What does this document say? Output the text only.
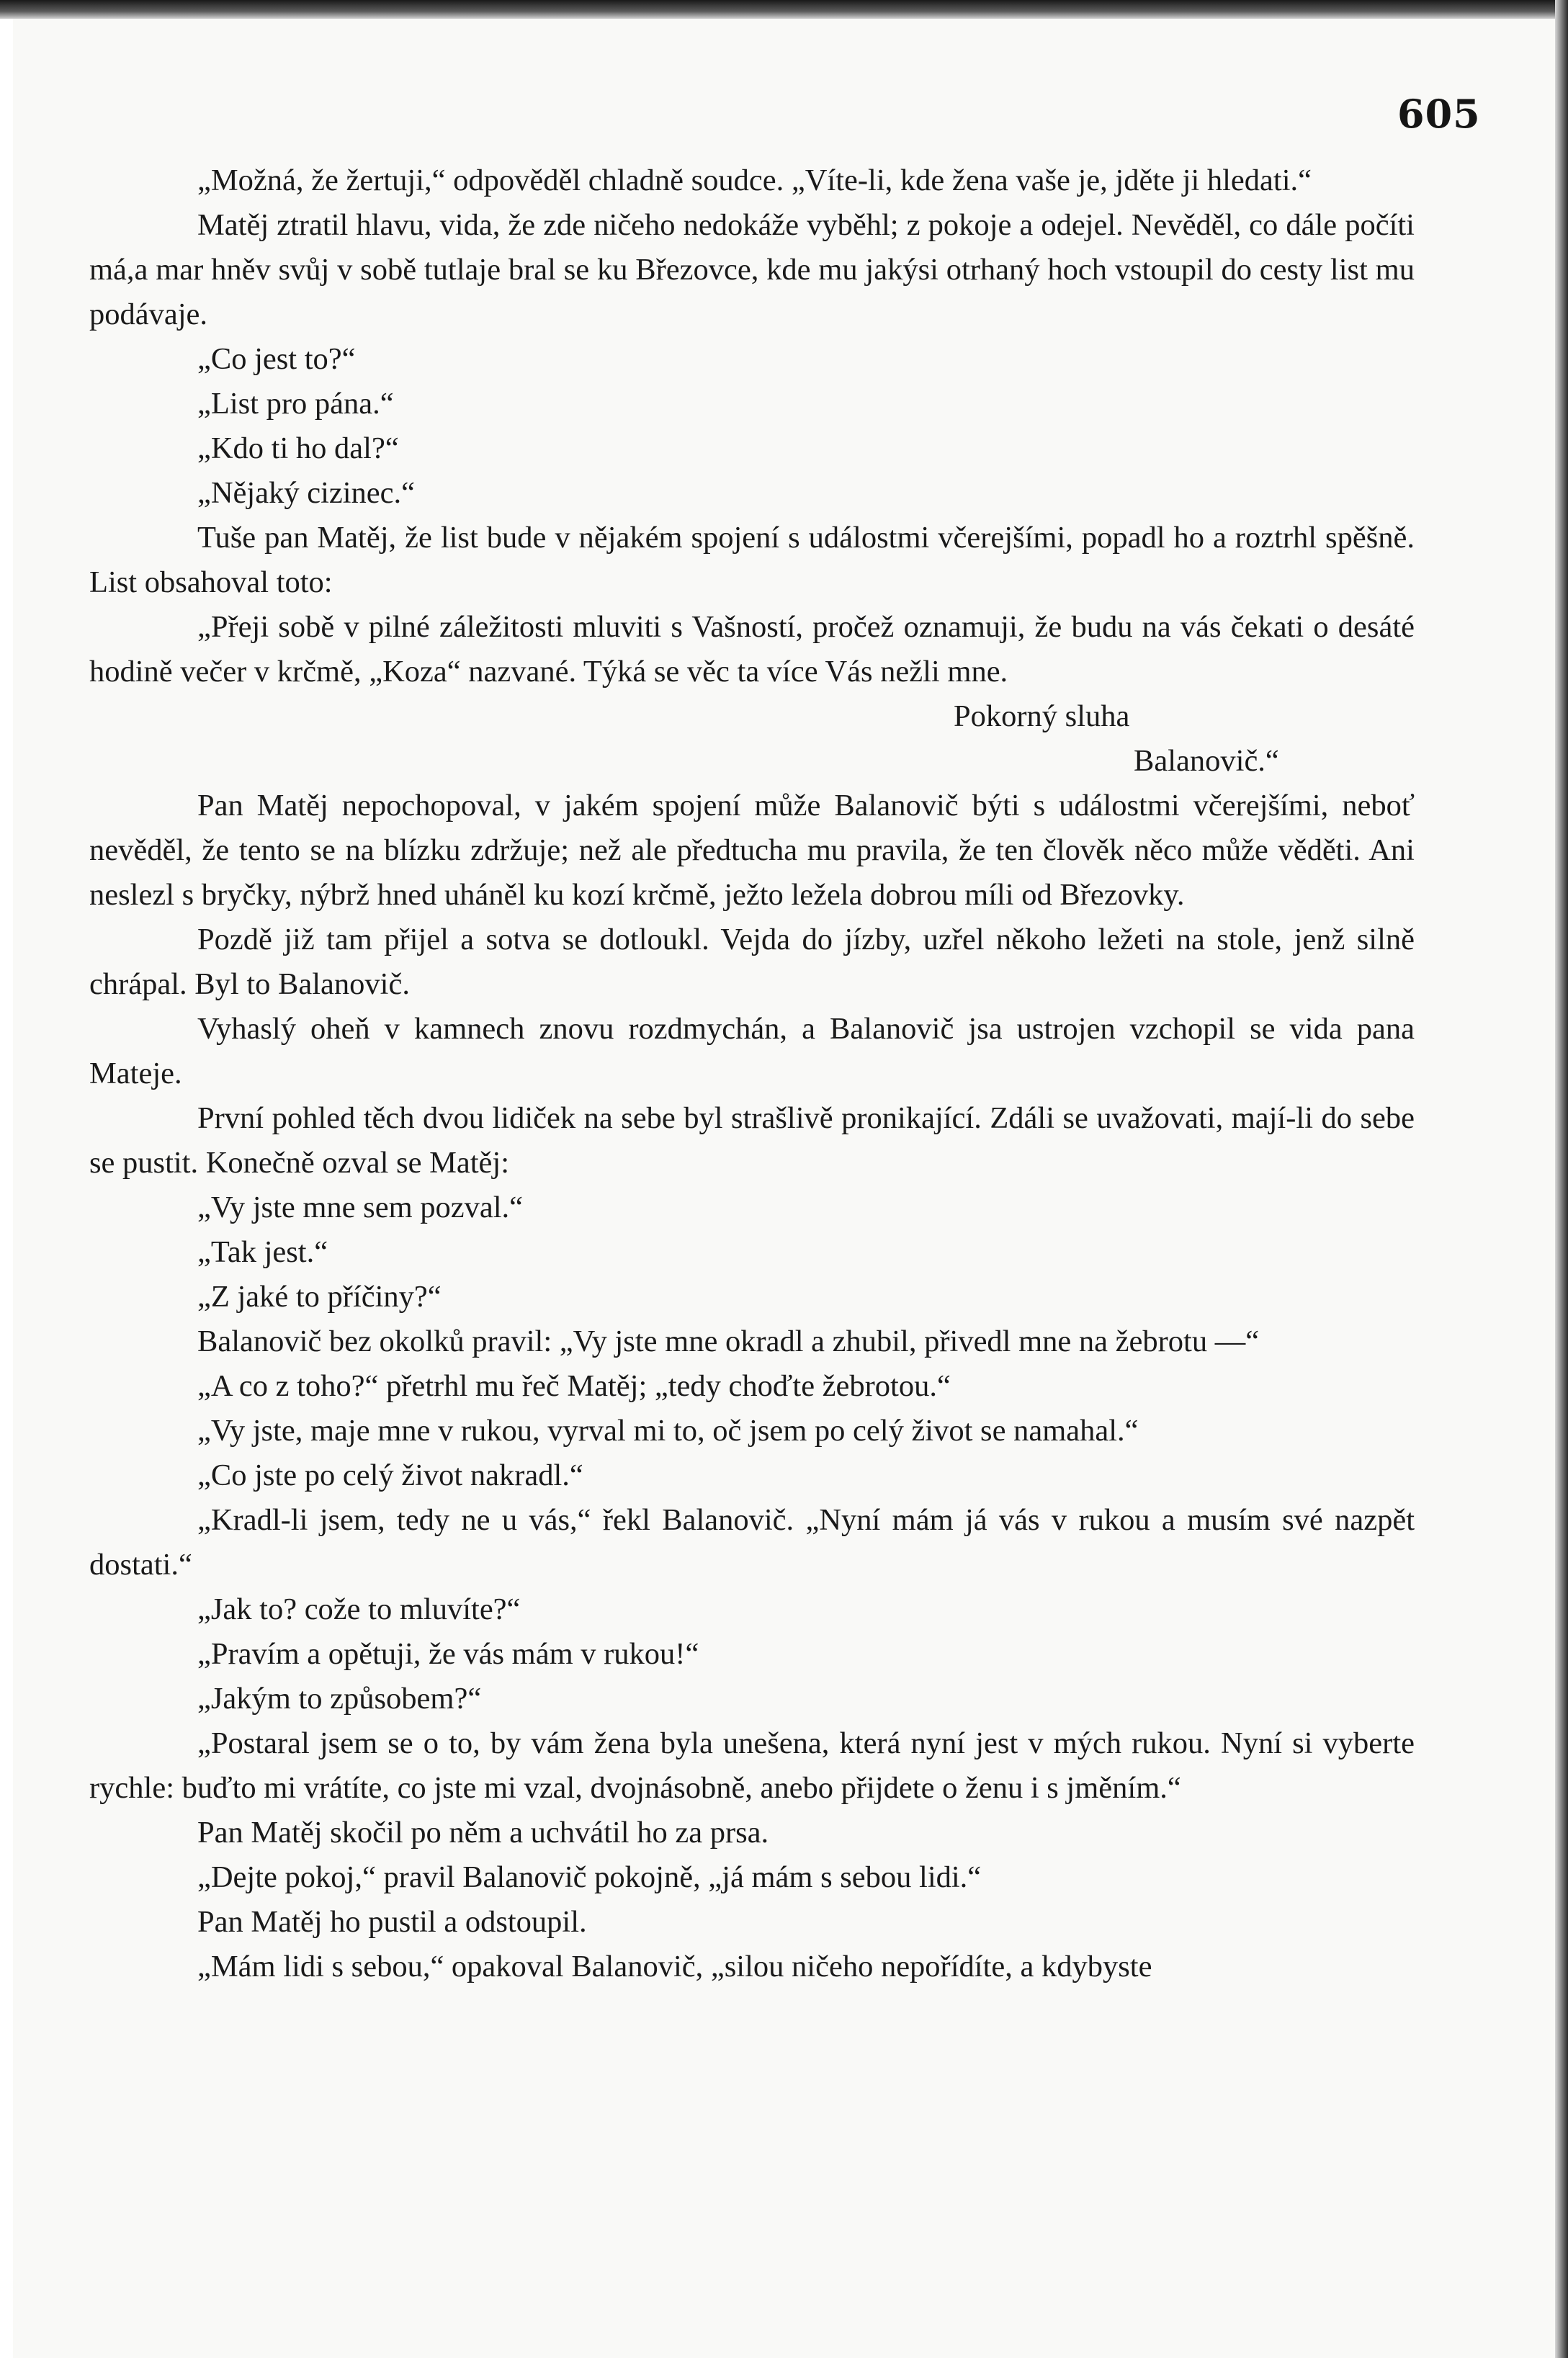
605

„Možná, že žertuji,“ odpověděl chladně soudce. „Víte-li, kde žena vaše je, jděte ji hledati.“

Matěj ztratil hlavu, vida, že zde ničeho nedokáže vyběhl; z pokoje a odejel. Nevěděl, co dále počíti má,a mar hněv svůj v sobě tutlaje bral se ku Březovce, kde mu jakýsi otrhaný hoch vstoupil do cesty list mu podávaje.

„Co jest to?“

„List pro pána.“

„Kdo ti ho dal?“

„Nějaký cizinec.“

Tuše pan Matěj, že list bude v nějakém spojení s událostmi včerejšími, popadl ho a roztrhl spěšně. List obsahoval toto:

„Přeji sobě v pilné záležitosti mluviti s Vašností, pročež oznamuji, že budu na vás čekati o desáté hodině večer v krčmě, „Koza“ nazvané. Týká se věc ta více Vás nežli mne.

Pokorný sluha

Balanovič.“

Pan Matěj nepochopoval, v jakém spojení může Balanovič býti s událostmi včerejšími, neboť nevěděl, že tento se na blízku zdržuje; než ale předtucha mu pravila, že ten člověk něco může věděti. Ani neslezl s bryčky, nýbrž hned uháněl ku kozí krčmě, ježto ležela dobrou míli od Březovky.

Pozdě již tam přijel a sotva se dotloukl. Vejda do jízby, uzřel někoho ležeti na stole, jenž silně chrápal. Byl to Balanovič.

Vyhaslý oheň v kamnech znovu rozdmychán, a Balanovič jsa ustrojen vzchopil se vida pana Mateje.

První pohled těch dvou lidiček na sebe byl strašlivě pronikající. Zdáli se uvažovati, mají-li do sebe se pustit. Konečně ozval se Matěj:

„Vy jste mne sem pozval.“

„Tak jest.“

„Z jaké to příčiny?“

Balanovič bez okolků pravil: „Vy jste mne okradl a zhubil, přivedl mne na žebrotu —“

„A co z toho?“ přetrhl mu řeč Matěj; „tedy choďte žebrotou.“

„Vy jste, maje mne v rukou, vyrval mi to, oč jsem po celý život se namahal.“

„Co jste po celý život nakradl.“

„Kradl-li jsem, tedy ne u vás,“ řekl Balanovič. „Nyní mám já vás v rukou a musím své nazpět dostati.“

„Jak to? cože to mluvíte?“

„Pravím a opětuji, že vás mám v rukou!“

„Jakým to způsobem?“

„Postaral jsem se o to, by vám žena byla unešena, která nyní jest v mých rukou. Nyní si vyberte rychle: buďto mi vrátíte, co jste mi vzal, dvojnásobně, anebo přijdete o ženu i s jměním.“

Pan Matěj skočil po něm a uchvátil ho za prsa.

„Dejte pokoj,“ pravil Balanovič pokojně, „já mám s sebou lidi.“

Pan Matěj ho pustil a odstoupil.

„Mám lidi s sebou,“ opakoval Balanovič, „silou ničeho nepořídíte, a kdybyste
